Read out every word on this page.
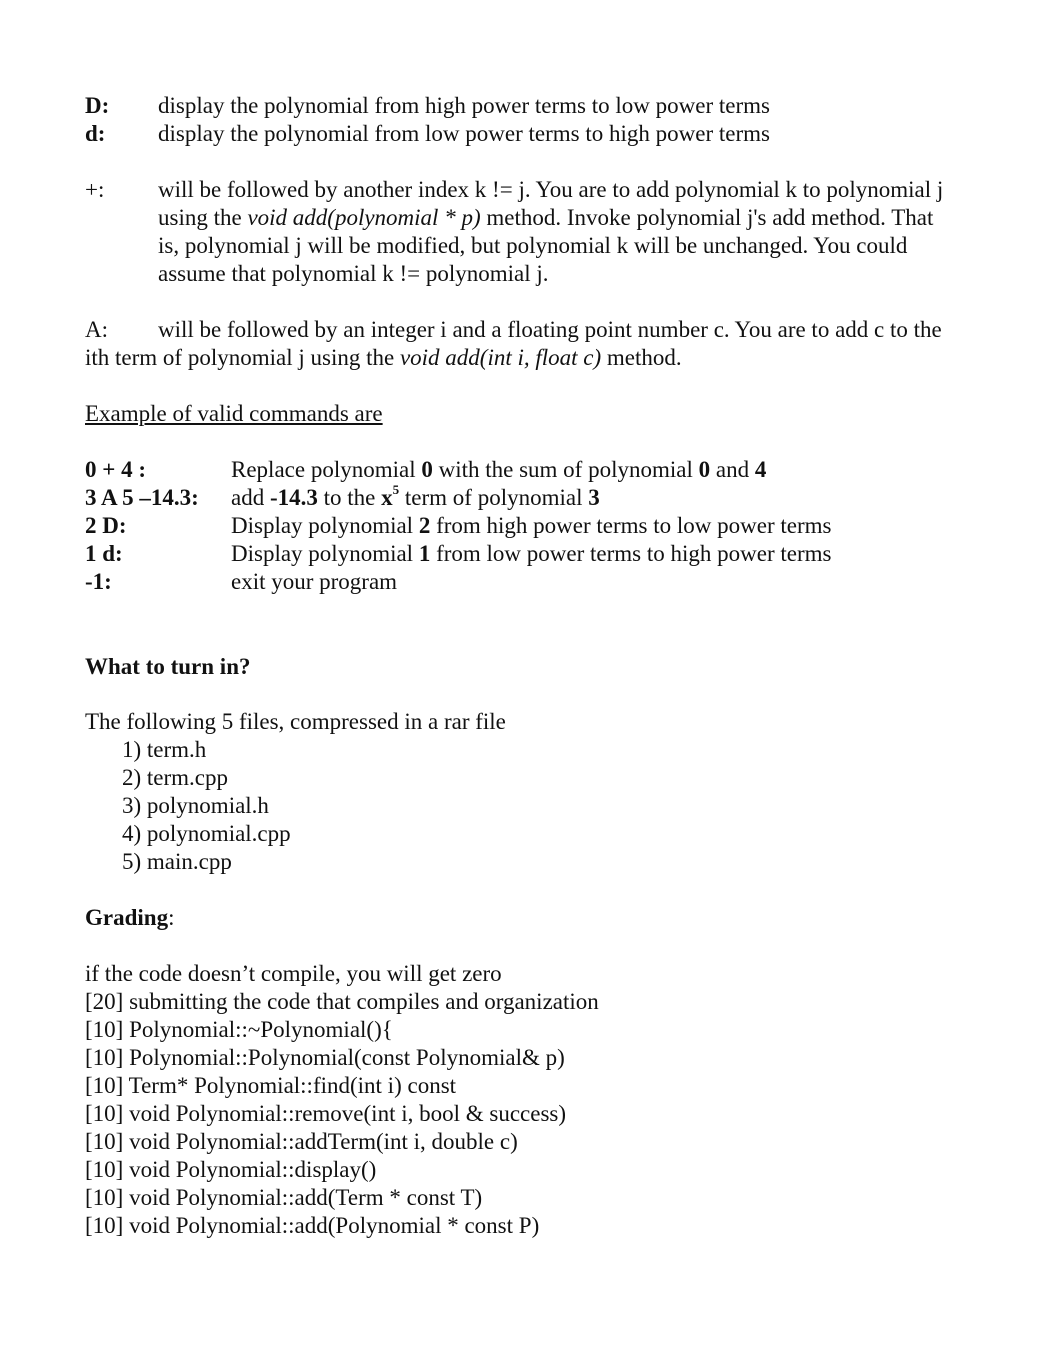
D: display the polynomial from high power terms to low power terms
d: display the polynomial from low power terms to high power terms
+: will be followed by another index k != j. You are to add polynomial k to polynomial j
using the void add(polynomial * p) method. Invoke polynomial j's add method. That
is, polynomial j will be modified, but polynomial k will be unchanged. You could
assume that polynomial k != polynomial j.
A: will be followed by an integer i and a floating point number c. You are to add c to the
ith term of polynomial j using the void add(int i, float c) method.
Example of valid commands are
0 + 4 :	Replace polynomial 0 with the sum of polynomial 0 and 4
3 A 5 –14.3: add -14.3 to the $x^5$ term of polynomial 3
2 D:	Display polynomial 2 from high power terms to low power terms
1 d:	Display polynomial 1 from low power terms to high power terms
-1:	exit your program
What to turn in?
The following 5 files, compressed in a rar file
1) term.h
2) term.cpp
3) polynomial.h
4) polynomial.cpp
5) main.cpp
Grading:
if the code doesn’t compile, you will get zero
[20] submitting the code that compiles and organization
[10] Polynomial::~Polynomial(){
[10] Polynomial::Polynomial(const Polynomial& p)
[10] Term* Polynomial::find(int i) const
[10] void Polynomial::remove(int i, bool & success)
[10] void Polynomial::addTerm(int i, double c)
[10] void Polynomial::display()
[10] void Polynomial::add(Term * const T)
[10] void Polynomial::add(Polynomial * const P)
